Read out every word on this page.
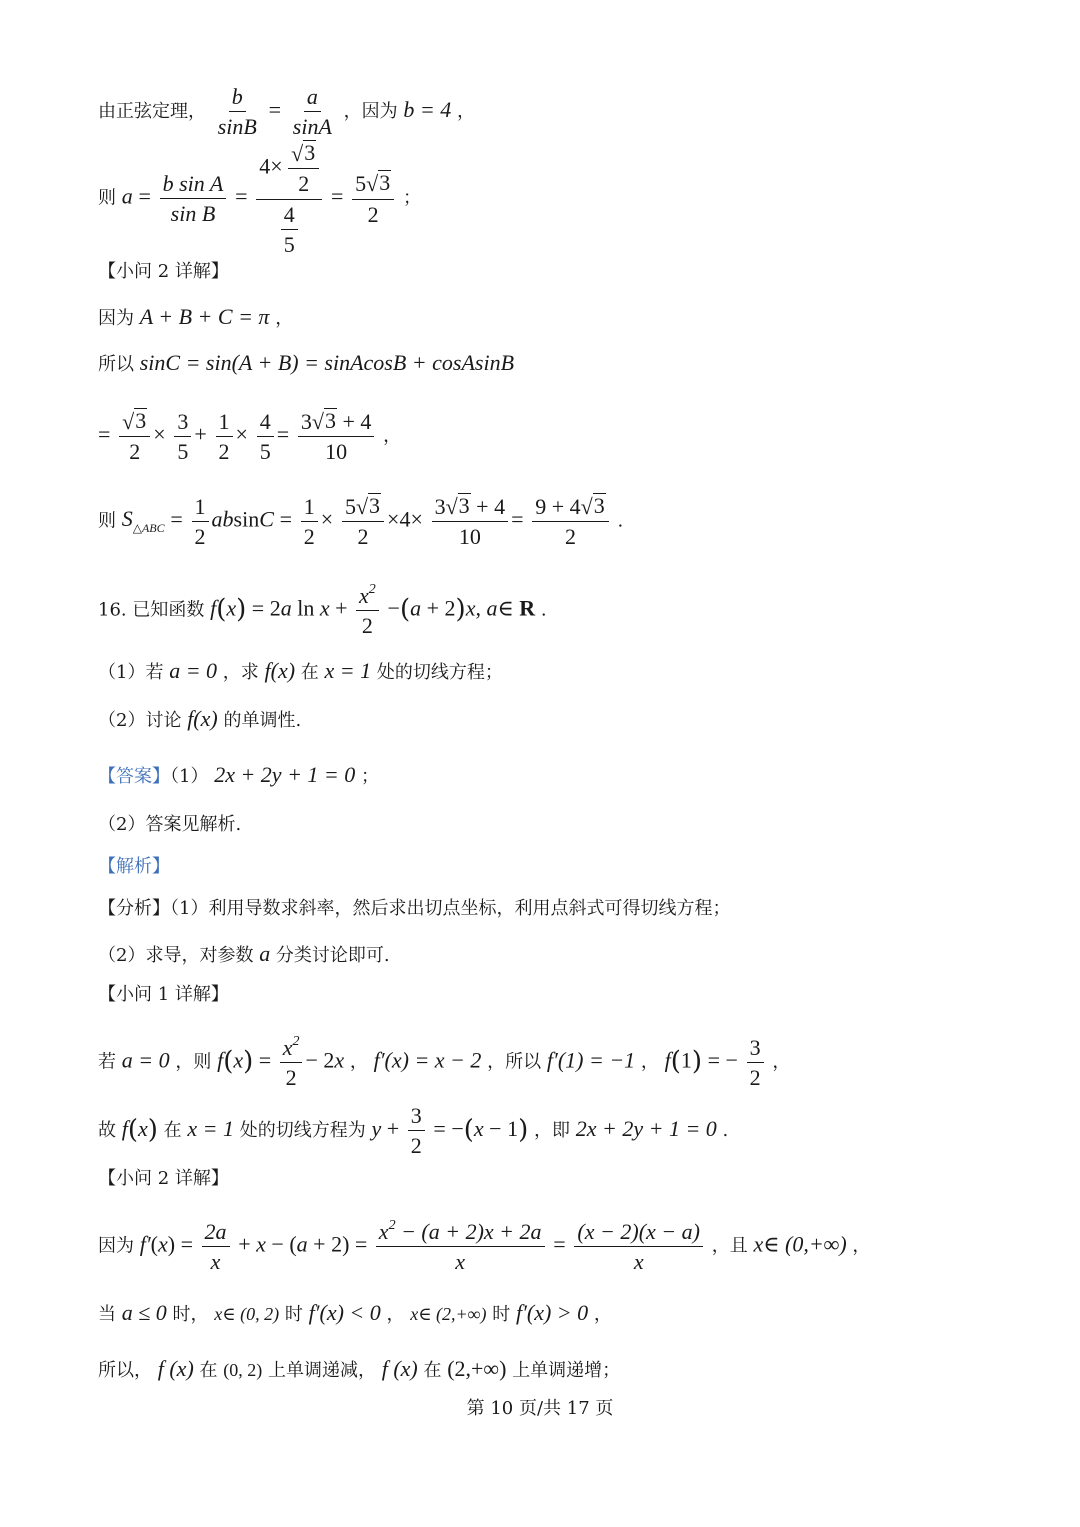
由正弦定理， $\frac{b}{\sin B} = \frac{a}{\sin A}$ ，因为 b = 4 ，
则 $a = \frac{\text{b sin A}}{\text{sin B}} = \frac{4\times \frac{√ 3}{2}}{\frac{4}{5}} = \frac{5 √ 3}{2}$ ；
【小问 2 详解】
因为 A + B + C = π ，
所以 sinC = sin(A + B) = sinAcosB + cosAsinB
= $\frac{√ 3}{2} \times \frac{3}{5} + \frac{1}{2} \times \frac{4}{5} = \frac{3 √ 3 + 4}{10}$ ，
则 $S_{\triangle ABC} = \frac{1}{2}$ $absinC = \frac{1}{2} \times \frac{5 √ 3}{2} \times 4\times \frac{3 √ 3 + 4}{10} = \frac{9 + 4 √ 3}{2}$ .
16. 已知函数 f(x) = 2a $\ln x + \frac{x^2}{2} -(a + 2)x$, a∈ R .
（1）若 a = 0 ，求 f(x) 在 x = 1 处的切线方程；
（2）讨论 f(x) 的单调性.
【答案】（1） 2x + 2y + 1 = 0 ；
（2）答案见解析.
【解析】
【分析】（1）利用导数求斜率，然后求出切点坐标，利用点斜式可得切线方程；
（2）求导，对参数 a 分类讨论即可.
【小问 1 详解】
若 a = 0 ，则 $f(x) = \frac{x^2}{2} - 2x$ ， f′(x) = x − 2 ，所以 f′(1) = −1 ， f(1) = − $\frac{3}{2}$ ，
故 f(x) 在 x = 1 处的切线方程为 $y + \frac{3}{2} = -(x - 1)$ ，即 2x + 2y + 1 = 0 .
【小问 2 详解】
因为 $f'(x) = \frac{2a}{x} + x - (a + 2) = \frac{x^2 - (a + 2)x + 2a}{x} = \frac{(x - 2)(x - a)}{x}$ ，且 x∈ (0,+∞) ，
当 a ≤ 0 时， x∈ (0, 2) 时 f′(x) < 0 ， x∈ (2,+∞) 时 f′(x) > 0 ，
所以， f (x) 在 (0, 2) 上单调递减， f (x) 在 (2,+∞) 上单调递增；
第 10 页/共 17 页
